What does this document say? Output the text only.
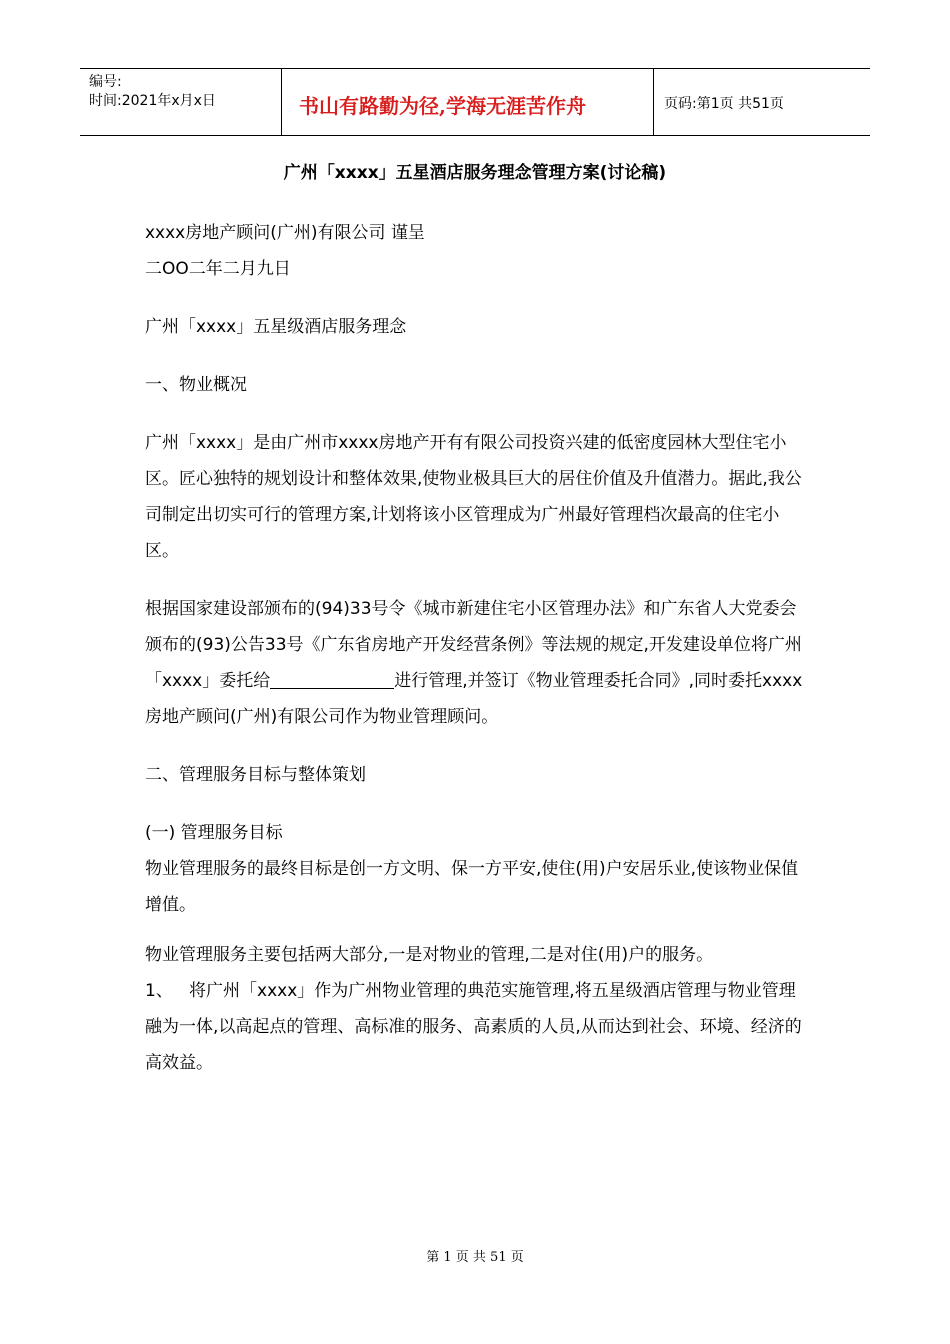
编号:
时间:2021年x月x日	书山有路勤为径,学海无涯苦作舟	页码:第1页 共51页
广州「xxxx」五星酒店服务理念管理方案(讨论稿)

xxxx房地产顾问(广州)有限公司 谨呈

二OO二年二月九日

广州「xxxx」五星级酒店服务理念

一、物业概况

广州「xxxx」是由广州市xxxx房地产开有有限公司投资兴建的低密度园林大型住宅小区。匠心独特的规划设计和整体效果,使物业极具巨大的居住价值及升值潜力。据此,我公司制定出切实可行的管理方案,计划将该小区管理成为广州最好管理档次最高的住宅小区。

根据国家建设部颁布的(94)33号令《城市新建住宅小区管理办法》和广东省人大党委会颁布的(93)公告33号《广东省房地产开发经营条例》等法规的规定,开发建设单位将广州「xxxx」委托给	进行管理,并签订《物业管理委托合同》,同时委托xxxx房地产顾问(广州)有限公司作为物业管理顾问。

二、管理服务目标与整体策划

(一) 管理服务目标

物业管理服务的最终目标是创一方文明、保一方平安,使住(用)户安居乐业,使该物业保值增值。

物业管理服务主要包括两大部分,一是对物业的管理,二是对住(用)户的服务。

1、 将广州「xxxx」作为广州物业管理的典范实施管理,将五星级酒店管理与物业管理融为一体,以高起点的管理、高标准的服务、高素质的人员,从而达到社会、环境、经济的高效益。

第 1 页 共 51 页
